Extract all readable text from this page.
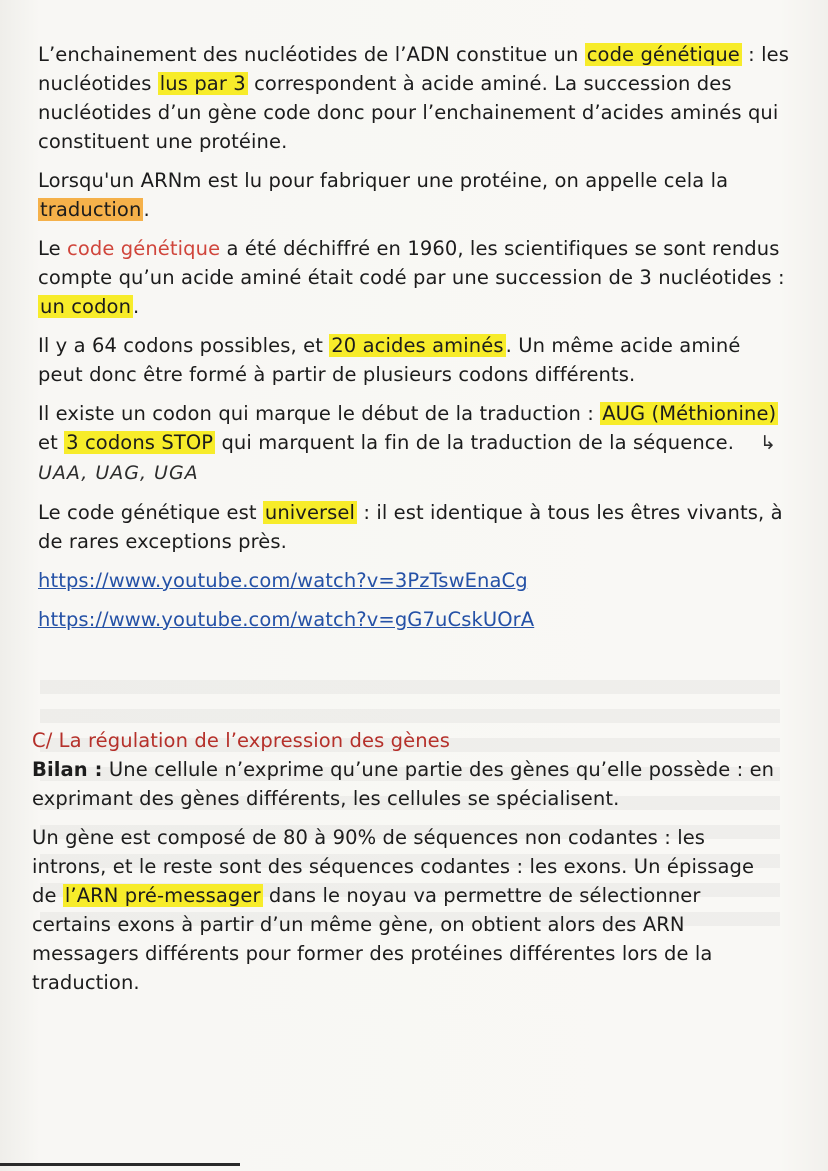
L’enchainement des nucléotides de l’ADN constitue un code génétique : les nucléotides lus par 3 correspondent à acide aminé. La succession des nucléotides d’un gène code donc pour l’enchainement d’acides aminés qui constituent une protéine.

Lorsqu'un ARNm est lu pour fabriquer une protéine, on appelle cela la traduction .

Le code génétique a été déchiffré en 1960, les scientifiques se sont rendus compte qu’un acide aminé était codé par une succession de 3 nucléotides : un codon .

Il y a 64 codons possibles, et 20 acides aminés . Un même acide aminé peut donc être formé à partir de plusieurs codons différents.

Il existe un codon qui marque le début de la traduction : AUG (Méthionine) et 3 codons STOP qui marquent la fin de la traduction de la séquence. ↳ UAA, UAG, UGA

Le code génétique est universel : il est identique à tous les êtres vivants, à de rares exceptions près.

https://www.youtube.com/watch?v=3PzTswEnaCg
https://www.youtube.com/watch?v=gG7uCskUOrA

C/ La régulation de l’expression des gènes

Bilan : Une cellule n’exprime qu’une partie des gènes qu’elle possède : en exprimant des gènes différents, les cellules se spécialisent.

Un gène est composé de 80 à 90% de séquences non codantes : les introns, et le reste sont des séquences codantes : les exons. Un épissage de l’ARN pré-messager dans le noyau va permettre de sélectionner certains exons à partir d’un même gène, on obtient alors des ARN messagers différents pour former des protéines différentes lors de la traduction.
